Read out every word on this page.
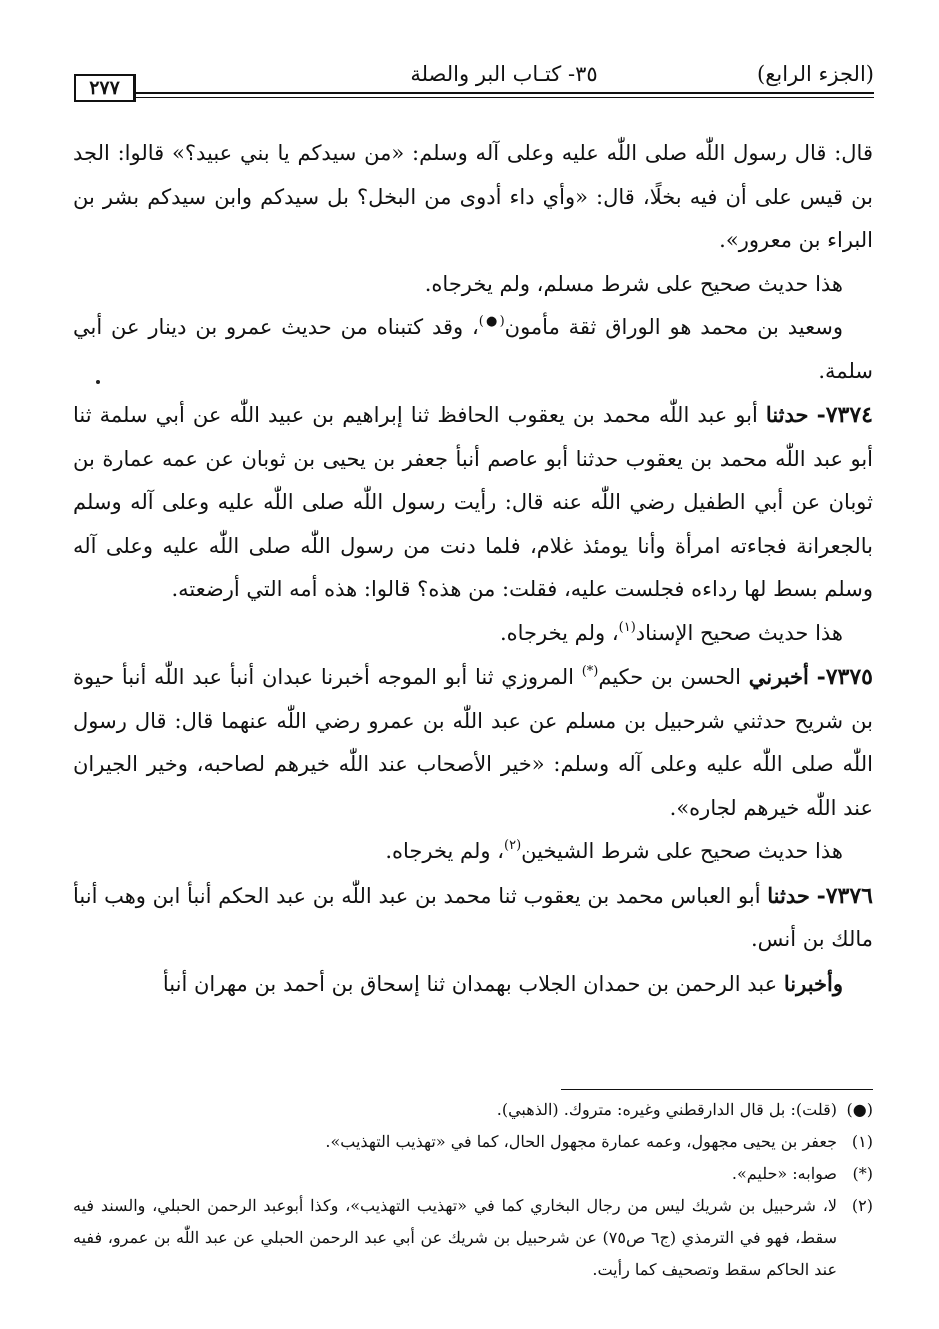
(الجزء الرابع)
٣٥- كتـاب البر والصلة
٢٧٧

قال: قال رسول اللّٰه صلى اللّٰه عليه وعلى آله وسلم: «من سيدكم يا بني عبيد؟» قالوا: الجد بن قيس على أن فيه بخلًا، قال: «وأي داء أدوى من البخل؟ بل سيدكم وابن سيدكم بشر بن البراء بن معرور».

هذا حديث صحيح على شرط مسلم، ولم يخرجاه.

وسعيد بن محمد هو الوراق ثقة مأمون(●)، وقد كتبناه من حديث عمرو بن دينار عن أبي سلمة.

٧٣٧٤- حدثنا أبو عبد اللّٰه محمد بن يعقوب الحافظ ثنا إبراهيم بن عبيد اللّٰه عن أبي سلمة ثنا أبو عبد اللّٰه محمد بن يعقوب حدثنا أبو عاصم أنبأ جعفر بن يحيى بن ثوبان عن عمه عمارة بن ثوبان عن أبي الطفيل رضي اللّٰه عنه قال: رأيت رسول اللّٰه صلى اللّٰه عليه وعلى آله وسلم بالجعرانة فجاءته امرأة وأنا يومئذ غلام، فلما دنت من رسول اللّٰه صلى اللّٰه عليه وعلى آله وسلم بسط لها رداءه فجلست عليه، فقلت: من هذه؟ قالوا: هذه أمه التي أرضعته.

هذا حديث صحيح الإسناد$^{(١)}$، ولم يخرجاه.

٧٣٧٥- أخبرني الحسن بن حكيم(*) المروزي ثنا أبو الموجه أخبرنا عبدان أنبأ عبد اللّٰه أنبأ حيوة بن شريح حدثني شرحبيل بن مسلم عن عبد اللّٰه بن عمرو رضي اللّٰه عنهما قال: قال رسول اللّٰه صلى اللّٰه عليه وعلى آله وسلم: «خير الأصحاب عند اللّٰه خيرهم لصاحبه، وخير الجيران عند اللّٰه خيرهم لجاره».

هذا حديث صحيح على شرط الشيخين$^{(٢)}$، ولم يخرجاه.

٧٣٧٦- حدثنا أبو العباس محمد بن يعقوب ثنا محمد بن عبد اللّٰه بن عبد الحكم أنبأ ابن وهب أنبأ مالك بن أنس.

وأخبرنا عبد الرحمن بن حمدان الجلاب بهمدان ثنا إسحاق بن أحمد بن مهران أنبأ

(●)
(قلت): بل قال الدارقطني وغيره: متروك. (الذهبي).

(١)
جعفر بن يحيى مجهول، وعمه عمارة مجهول الحال، كما في «تهذيب التهذيب».

(*)
صوابه: «حليم».

(٢)
لا، شرحبيل بن شريك ليس من رجال البخاري كما في «تهذيب التهذيب»، وكذا أبوعبد الرحمن الحبلي، والسند فيه سقط، فهو في الترمذي (ج٦ ص٧٥) عن شرحبيل بن شريك عن أبي عبد الرحمن الحبلي عن عبد اللّٰه بن عمرو، ففيه عند الحاكم سقط وتصحيف كما رأيت.
